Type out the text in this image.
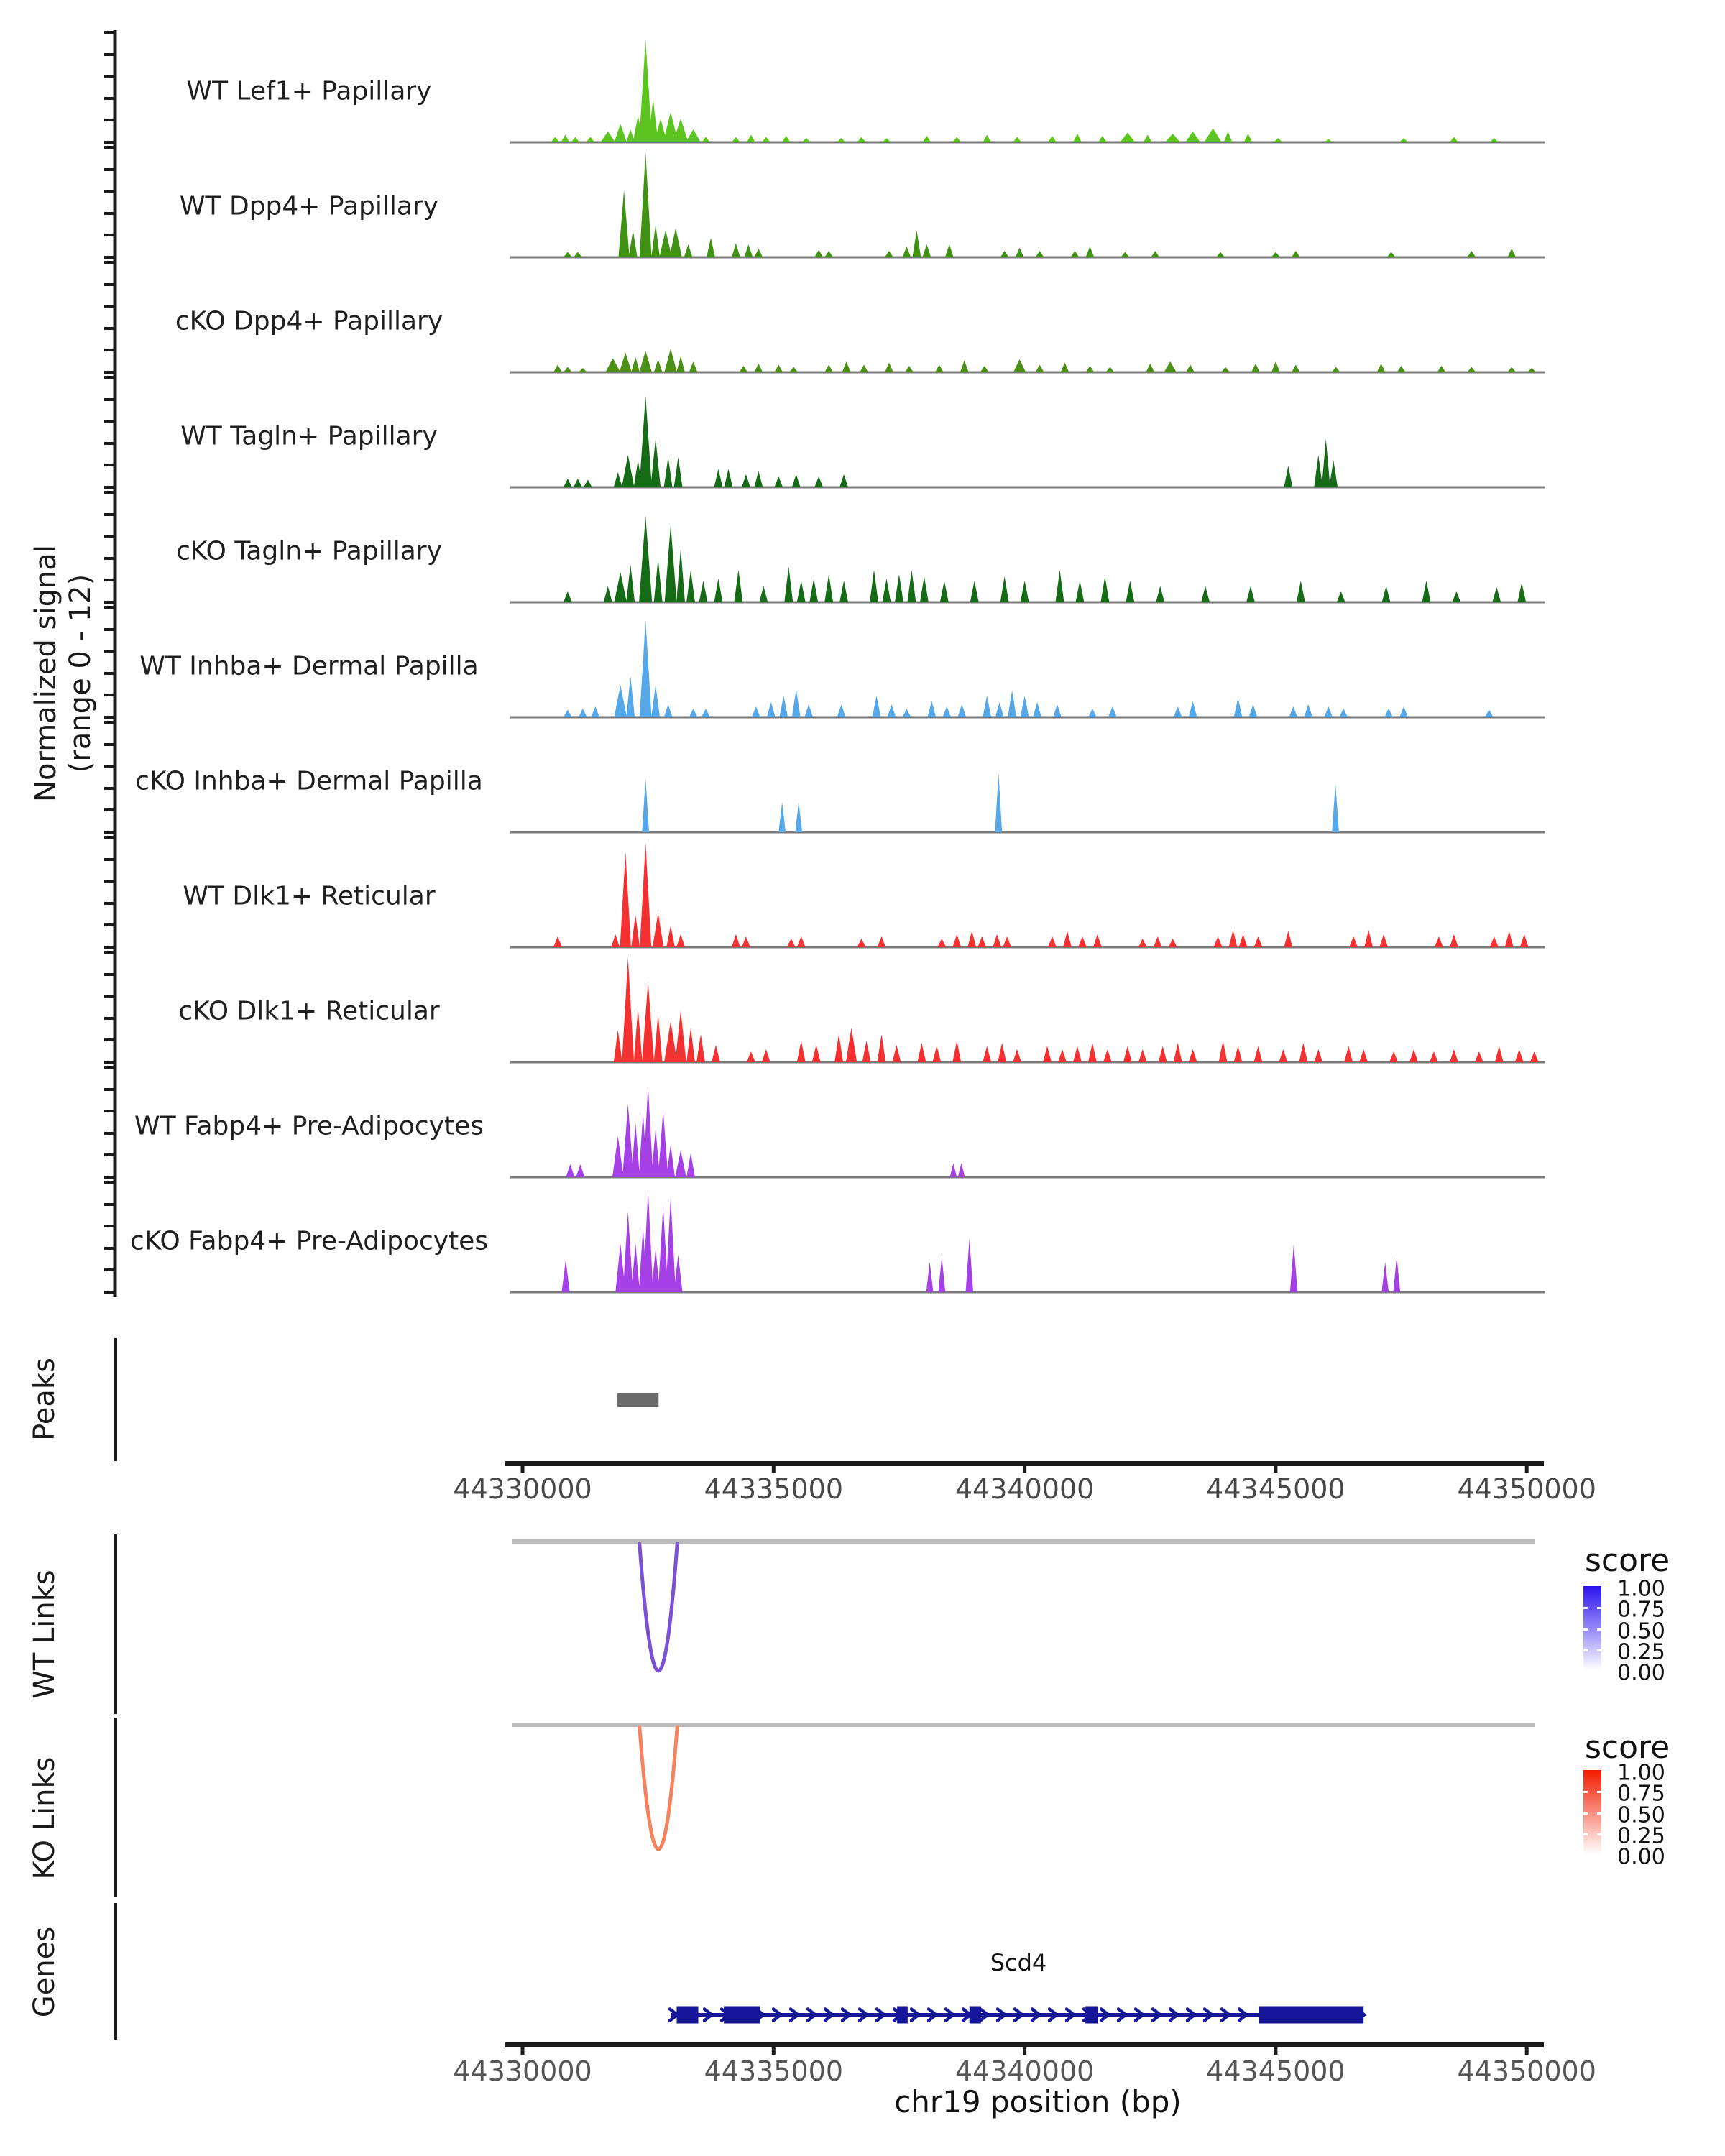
Normalized signal (range 0 - 12)
Peaks
WT Links
KO Links
Genes
score
1.00
0.75
0.50
0.25
0.00
score
1.00
0.75
0.50
0.25
0.00
Scd4
chr19 position (bp)
WT Lef1+ Papillary
WT Dpp4+ Papillary
cKO Dpp4+ Papillary
WT Tagln+ Papillary
cKO Tagln+ Papillary
WT Inhba+ Dermal Papilla
cKO Inhba+ Dermal Papilla
WT Dlk1+ Reticular
cKO Dlk1+ Reticular
WT Fabp4+ Pre-Adipocytes
cKO Fabp4+ Pre-Adipocytes
44330000	44335000	44340000	44345000	44350000
44330000	44335000	44340000	44345000	44350000
